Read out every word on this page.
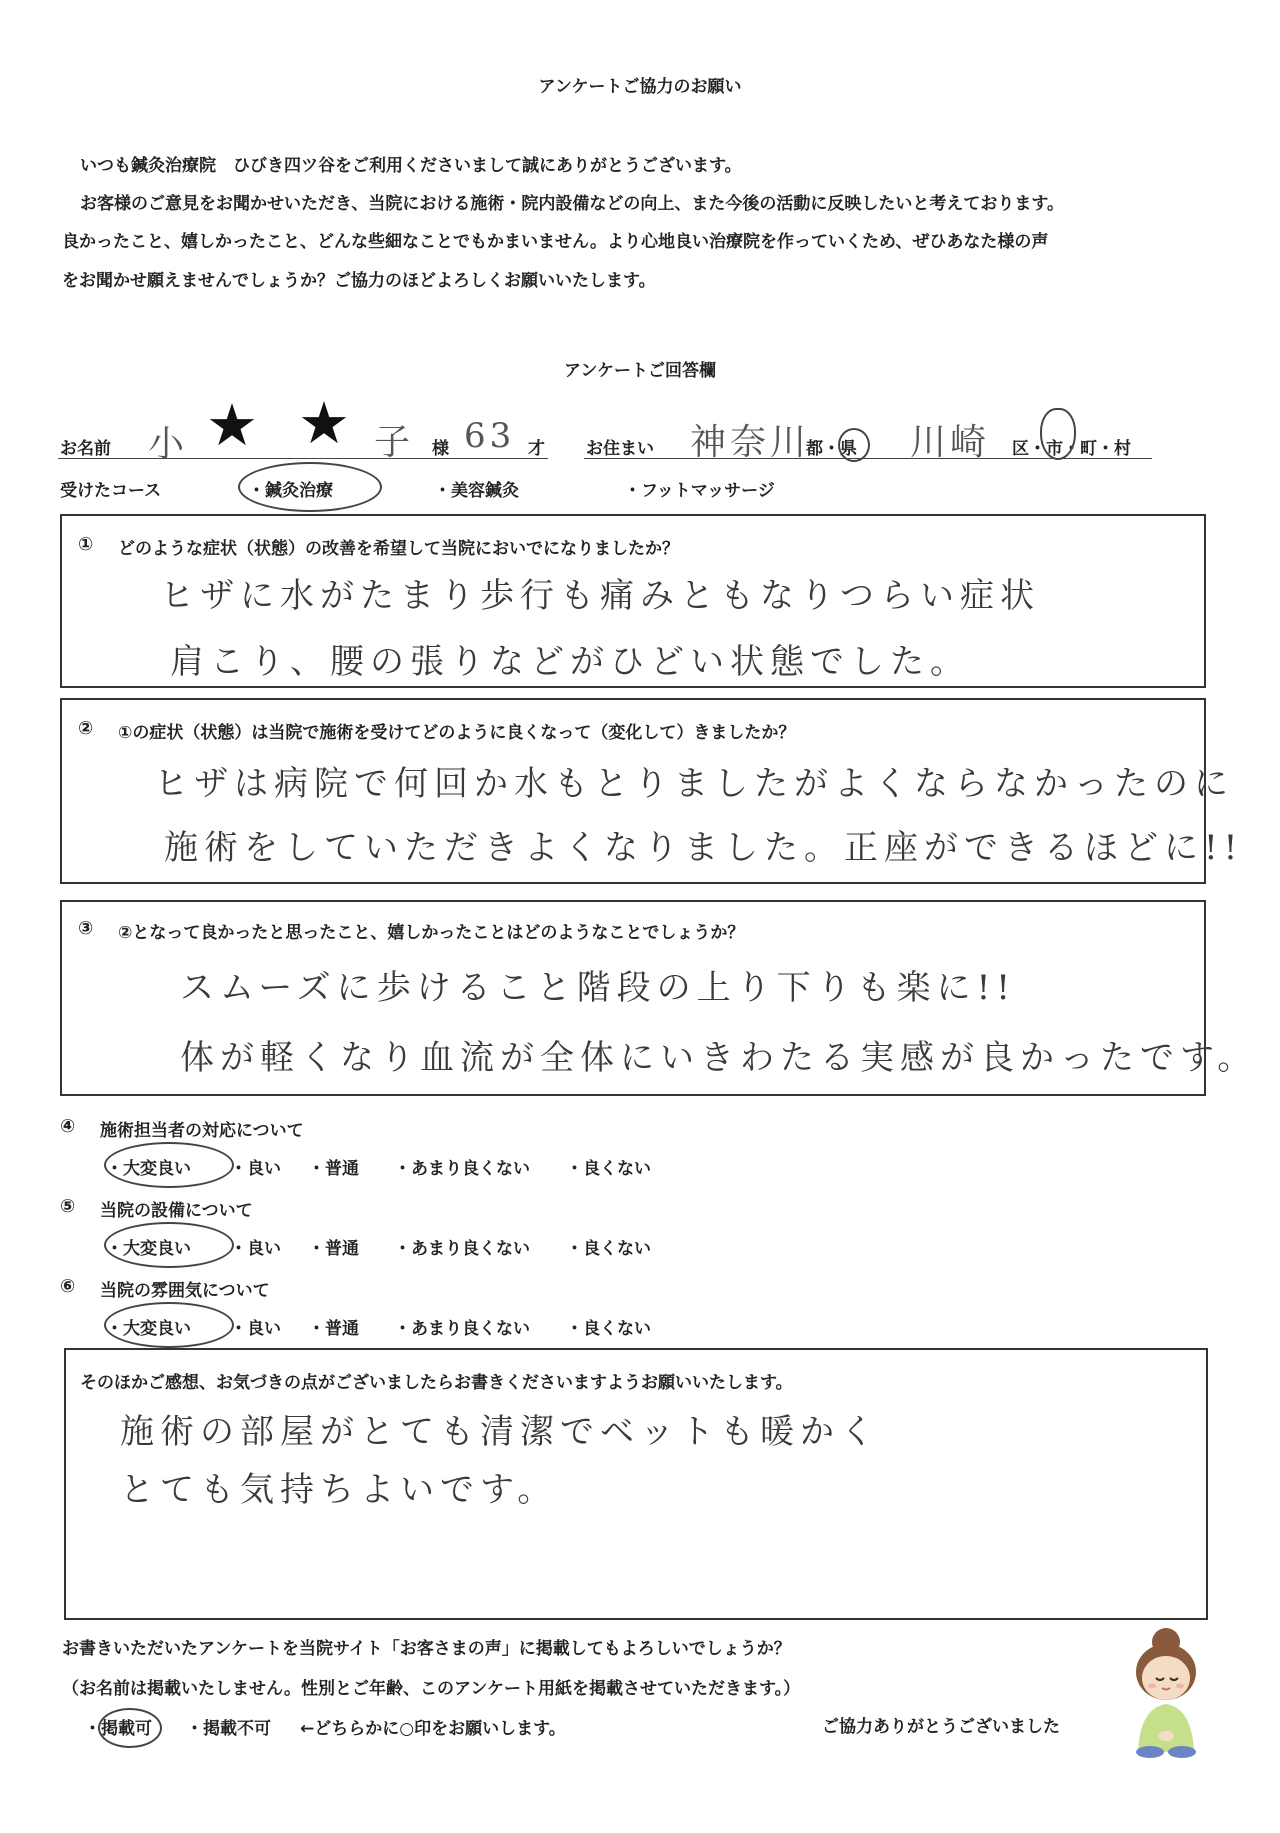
アンケートご協力のお願い
いつも鍼灸治療院　ひびき四ツ谷をご利用くださいまして誠にありがとうございます。
お客様のご意見をお聞かせいただき、当院における施術・院内設備などの向上、また今後の活動に反映したいと考えております。
良かったこと、嬉しかったこと、どんな些細なことでもかまいません。より心地良い治療院を作っていくため、ぜひあなた様の声
をお聞かせ願えませんでしょうか？ご協力のほどよろしくお願いいたします。
アンケートご回答欄
お名前 小 ★ ★ 子 様 63 才 お住まい 神奈川
都・県 川崎 区・市・町・村
受けたコース	・鍼灸治療	・美容鍼灸	・フットマッサージ
① どのような症状（状態）の改善を希望して当院においでになりましたか？
ヒザに水がたまり歩行も痛みともなりつらい症状
肩こり、腰の張りなどがひどい状態でした。
② ①の症状（状態）は当院で施術を受けてどのように良くなって（変化して）きましたか？
ヒザは病院で何回か水もとりましたがよくならなかったのに
施術をしていただきよくなりました。正座ができるほどに!!
③ ②となって良かったと思ったこと、嬉しかったことはどのようなことでしょうか？
スムーズに歩けること階段の上り下りも楽に!!
体が軽くなり血流が全体にいきわたる実感が良かったです。
④ 施術担当者の対応について
・大変良い ・良い ・普通 ・あまり良くない ・良くない
⑤ 当院の設備について
・大変良い ・良い ・普通 ・あまり良くない ・良くない
⑥ 当院の雰囲気について
・大変良い ・良い ・普通 ・あまり良くない ・良くない
そのほかご感想、お気づきの点がございましたらお書きくださいますようお願いいたします。
施術の部屋がとても清潔でベットも暖かく
とても気持ちよいです。
お書きいただいたアンケートを当院サイト「お客さまの声」に掲載してもよろしいでしょうか？
（お名前は掲載いたしません。性別とご年齢、このアンケート用紙を掲載させていただきます。）
・掲載可 ・掲載不可 ←どちらかに○印をお願いします。	ご協力ありがとうございました
